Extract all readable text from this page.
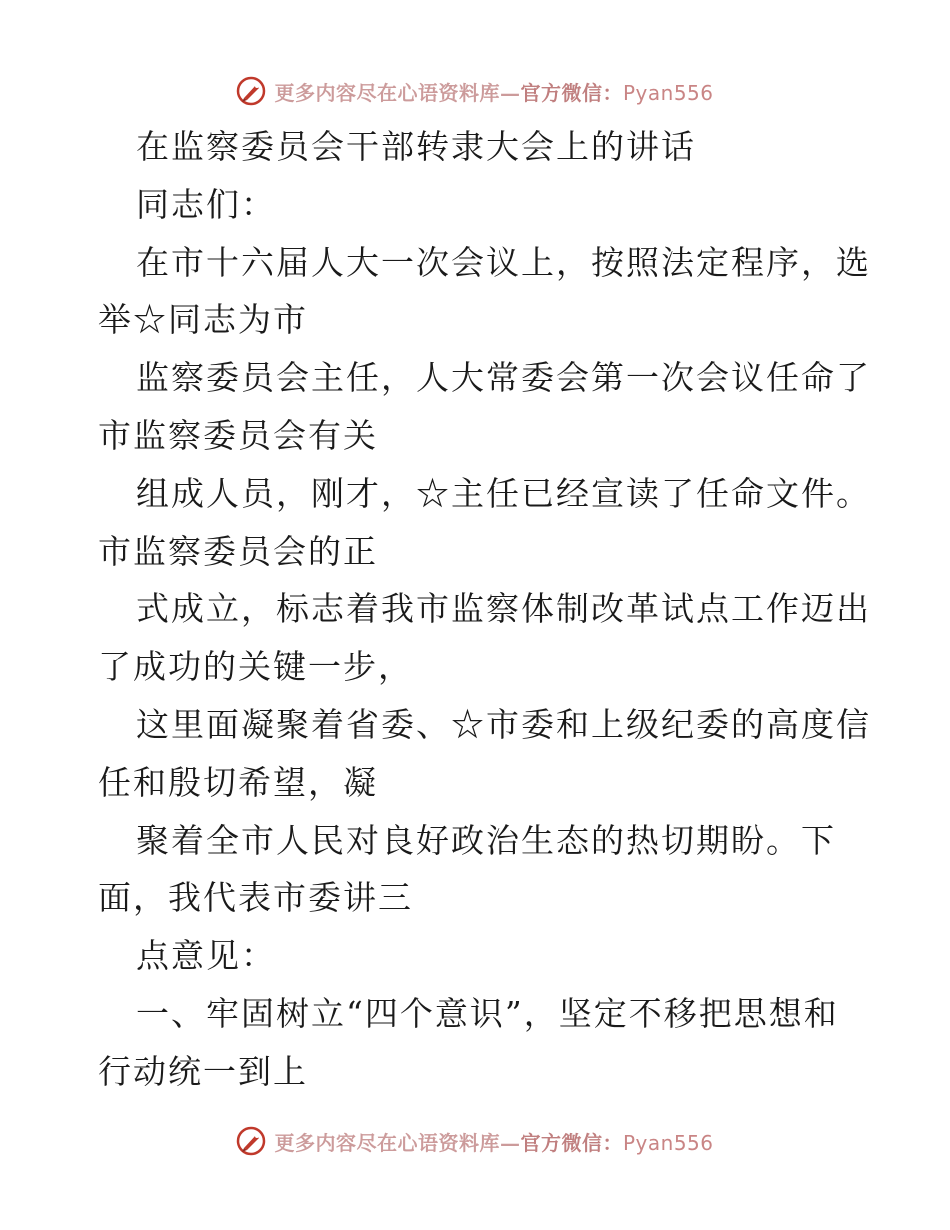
更多内容尽在心语资料库—官方微信：Pyan556
在监察委员会干部转隶大会上的讲话
同志们：
在市十六届人大一次会议上，按照法定程序，选
举☆同志为市
监察委员会主任，人大常委会第一次会议任命了
市监察委员会有关
组成人员，刚才，☆主任已经宣读了任命文件。
市监察委员会的正
式成立，标志着我市监察体制改革试点工作迈出
了成功的关键一步，
这里面凝聚着省委、☆市委和上级纪委的高度信
任和殷切希望，凝
聚着全市人民对良好政治生态的热切期盼。下
面，我代表市委讲三
点意见：
一、牢固树立“四个意识”，坚定不移把思想和
行动统一到上
更多内容尽在心语资料库—官方微信：Pyan556
